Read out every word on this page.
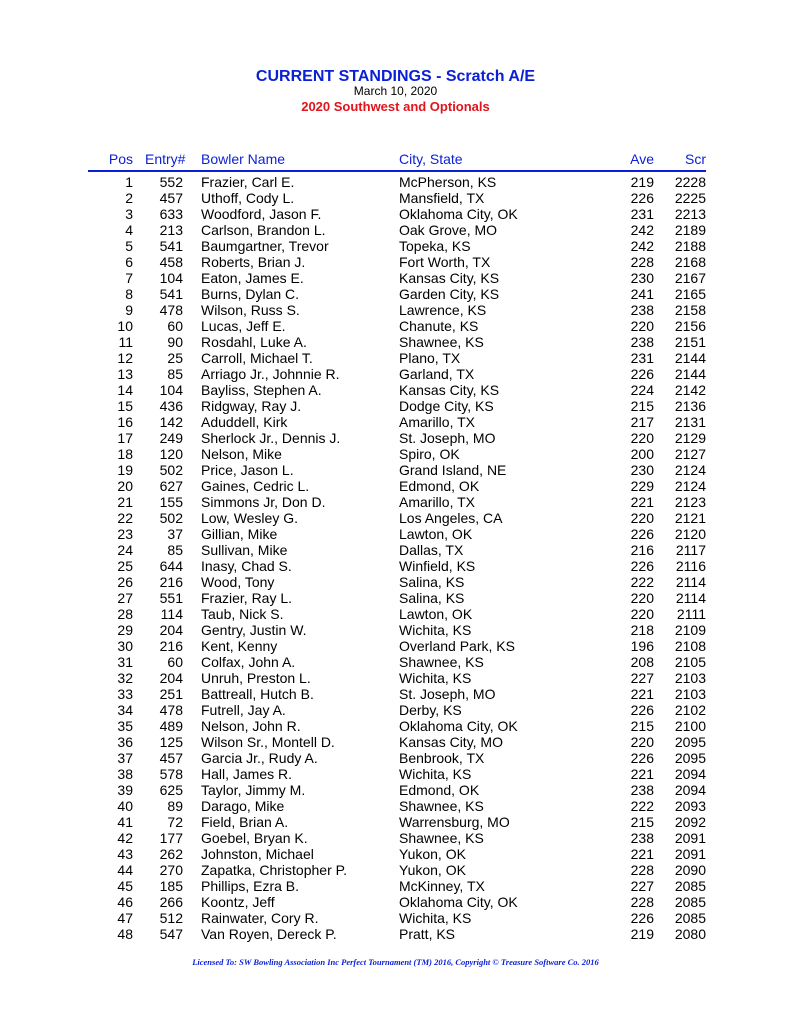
CURRENT STANDINGS - Scratch A/E
March 10, 2020
2020 Southwest and Optionals
Pos Entry#	Bowler Name	City, State	Ave	Scr
1	552 Frazier, Carl E.	McPherson, KS	219	2228
2	457 Uthoff, Cody L.	Mansfield, TX	226	2225
3	633 Woodford, Jason F.	Oklahoma City, OK	231	2213
4	213 Carlson, Brandon L.	Oak Grove, MO	242	2189
5	541 Baumgartner, Trevor	Topeka, KS	242	2188
6	458 Roberts, Brian J.	Fort Worth, TX	228	2168
7	104 Eaton, James E.	Kansas City, KS	230	2167
8	541 Burns, Dylan C.	Garden City, KS	241	2165
9	478 Wilson, Russ S.	Lawrence, KS	238	2158
10	60 Lucas, Jeff E.	Chanute, KS	220	2156
11	90 Rosdahl, Luke A.	Shawnee, KS	238	2151
12	25 Carroll, Michael T.	Plano, TX	231	2144
13	85 Arriago Jr., Johnnie R.	Garland, TX	226	2144
14	104 Bayliss, Stephen A.	Kansas City, KS	224	2142
15	436 Ridgway, Ray J.	Dodge City, KS	215	2136
16	142 Aduddell, Kirk	Amarillo, TX	217	2131
17	249 Sherlock Jr., Dennis J.	St. Joseph, MO	220	2129
18	120 Nelson, Mike	Spiro, OK	200	2127
19	502 Price, Jason L.	Grand Island, NE	230	2124
20	627 Gaines, Cedric L.	Edmond, OK	229	2124
21	155 Simmons Jr, Don D.	Amarillo, TX	221	2123
22	502 Low, Wesley G.	Los Angeles, CA	220	2121
23	37 Gillian, Mike	Lawton, OK	226	2120
24	85 Sullivan, Mike	Dallas, TX	216	2117
25	644 Inasy, Chad S.	Winfield, KS	226	2116
26	216 Wood, Tony	Salina, KS	222	2114
27	551 Frazier, Ray L.	Salina, KS	220	2114
28	114 Taub, Nick S.	Lawton, OK	220	2111
29	204 Gentry, Justin W.	Wichita, KS	218	2109
30	216 Kent, Kenny	Overland Park, KS	196	2108
31	60 Colfax, John A.	Shawnee, KS	208	2105
32	204 Unruh, Preston L.	Wichita, KS	227	2103
33	251 Battreall, Hutch B.	St. Joseph, MO	221	2103
34	478 Futrell, Jay A.	Derby, KS	226	2102
35	489 Nelson, John R.	Oklahoma City, OK	215	2100
36	125 Wilson Sr., Montell D.	Kansas City, MO	220	2095
37	457 Garcia Jr., Rudy A.	Benbrook, TX	226	2095
38	578 Hall, James R.	Wichita, KS	221	2094
39	625 Taylor, Jimmy M.	Edmond, OK	238	2094
40	89 Darago, Mike	Shawnee, KS	222	2093
41	72 Field, Brian A.	Warrensburg, MO	215	2092
42	177 Goebel, Bryan K.	Shawnee, KS	238	2091
43	262 Johnston, Michael	Yukon, OK	221	2091
44	270 Zapatka, Christopher P.	Yukon, OK	228	2090
45	185 Phillips, Ezra B.	McKinney, TX	227	2085
46	266 Koontz, Jeff	Oklahoma City, OK	228	2085
47	512 Rainwater, Cory R.	Wichita, KS	226	2085
48	547 Van Royen, Dereck P.	Pratt, KS	219	2080
Licensed To: SW Bowling Association Inc Perfect Tournament (TM) 2016, Copyright © Treasure Software Co. 2016
